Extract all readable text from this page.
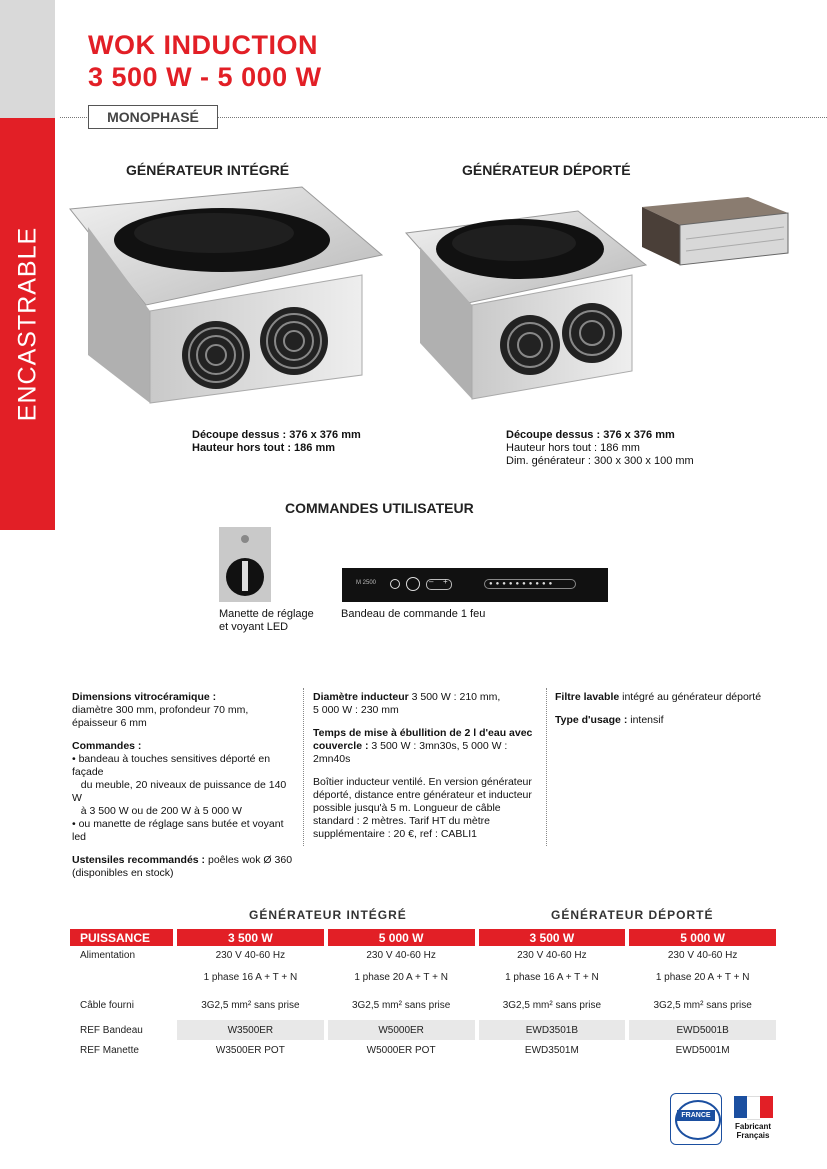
ENCASTRABLE
WOK INDUCTION
3 500 W - 5 000 W
MONOPHASÉ
GÉNÉRATEUR INTÉGRÉ	GÉNÉRATEUR DÉPORTÉ
Découpe dessus : 376 x 376 mm
Hauteur hors tout : 186 mm
Découpe dessus : 376 x 376 mm
Hauteur hors tout : 186 mm
Dim. générateur : 300 x 300 x 100 mm
COMMANDES UTILISATEUR
Manette de réglage
et voyant LED
M 2500	– +	●●●●●●●●●●
Bandeau de commande 1 feu

Dimensions vitrocéramique :
diamètre 300 mm, profondeur 70 mm,
épaisseur 6 mm

Commandes :
• bandeau à touches sensitives déporté en façade
du meuble, 20 niveaux de puissance de 140 W
à 3 500 W ou de 200 W à 5 000 W
• ou manette de réglage sans butée et voyant led

Ustensiles recommandés : poêles wok Ø 360
(disponibles en stock)

Diamètre inducteur 3 500 W : 210 mm,
5 000 W : 230 mm

Temps de mise à ébullition de 2 l d'eau avec
couvercle : 3 500 W : 3mn30s, 5 000 W : 2mn40s

Boîtier inducteur ventilé. En version générateur
déporté, distance entre générateur et inducteur
possible jusqu'à 5 m. Longueur de câble
standard : 2 mètres. Tarif HT du mètre
supplémentaire : 20 €, ref : CABLI1

Filtre lavable intégré au générateur déporté

Type d'usage : intensif

GÉNÉRATEUR INTÉGRÉ	GÉNÉRATEUR DÉPORTÉ
PUISSANCE	3 500 W	5 000 W	3 500 W	5 000 W
Alimentation	230 V 40-60 Hz	230 V 40-60 Hz	230 V 40-60 Hz	230 V 40-60 Hz
	1 phase 16 A + T + N	1 phase 20 A + T + N	1 phase 16 A + T + N	1 phase 20 A + T + N
Câble fourni	3G2,5 mm² sans prise	3G2,5 mm² sans prise	3G2,5 mm² sans prise	3G2,5 mm² sans prise
REF Bandeau	W3500ER	W5000ER	EWD3501B	EWD5001B
REF Manette	W3500ER POT	W5000ER POT	EWD3501M	EWD5001M
FRANCE
Fabricant
Français
